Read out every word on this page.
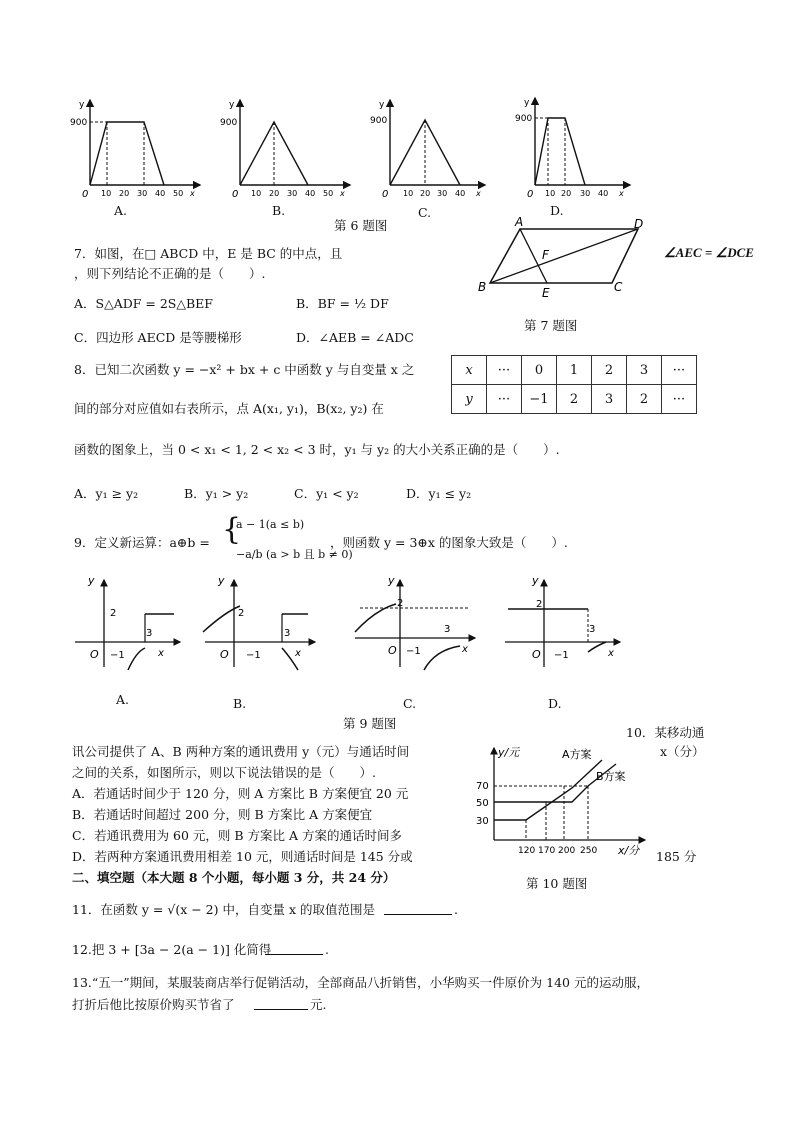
y
900
0 10 20 30 40 50 x
y
900
0 10 20 30 40 50 x
y
900
0 10 20 30 40 x
y
900
0 10 20 30 40 x
A.	B.	C.	D.
第 6 题图
7．如图，在□ ABCD 中，E 是 BC 的中点，且	∠AEC = ∠DCE
，则下列结论不正确的是（　　）.
A．S△ADF = 2S△BEF	B．BF = ½ DF
C．四边形 AECD 是等腰梯形	D．∠AEB = ∠ADC
A	D
B	C
E
F
第 7 题图
8．已知二次函数 y = −x² + bx + c 中函数 y 与自变量 x 之
间的部分对应值如右表所示，点 A(x₁, y₁)，B(x₂, y₂) 在
函数的图象上，当 0 < x₁ < 1, 2 < x₂ < 3 时，y₁ 与 y₂ 的大小关系正确的是（　　）.
x	···	0	1	2	3	···
y	···	−1	2	3	2	···
A．y₁ ≥ y₂	B．y₁ > y₂	C．y₁ < y₂	D．y₁ ≤ y₂
9．定义新运算：a⊕b = {
a − 1(a ≤ b)
−a/b (a > b 且 b ≠ 0)
，则函数 y = 3⊕x 的图象大致是（　　）.
y
2
3
O −1	x
y
2
3
O −1	x
y
2
3
O −1	x
y
2
3
O −1	x
A.	B.	C.	D.
第 9 题图
10．某移动通
x（分）
讯公司提供了 A、B 两种方案的通讯费用 y（元）与通话时间
之间的关系，如图所示，则以下说法错误的是（　　）.
A．若通话时间少于 120 分，则 A 方案比 B 方案便宜 20 元
B．若通话时间超过 200 分，则 B 方案比 A 方案便宜
C．若通讯费用为 60 元，则 B 方案比 A 方案的通话时间多
D．若两种方案通讯费用相差 10 元，则通话时间是 145 分或	185 分
y/元
70
50
30
120 170 200 250 x/分
A方案
B方案
第 10 题图
二、填空题（本大题 8 个小题，每小题 3 分，共 24 分）
11．在函数 y = √(x − 2) 中，自变量 x 的取值范围是	.
12.把 3 + [3a − 2(a − 1)] 化简得	.
13.“五一”期间，某服装商店举行促销活动，全部商品八折销售，小华购买一件原价为 140 元的运动服，
打折后他比按原价购买节省了	元.
